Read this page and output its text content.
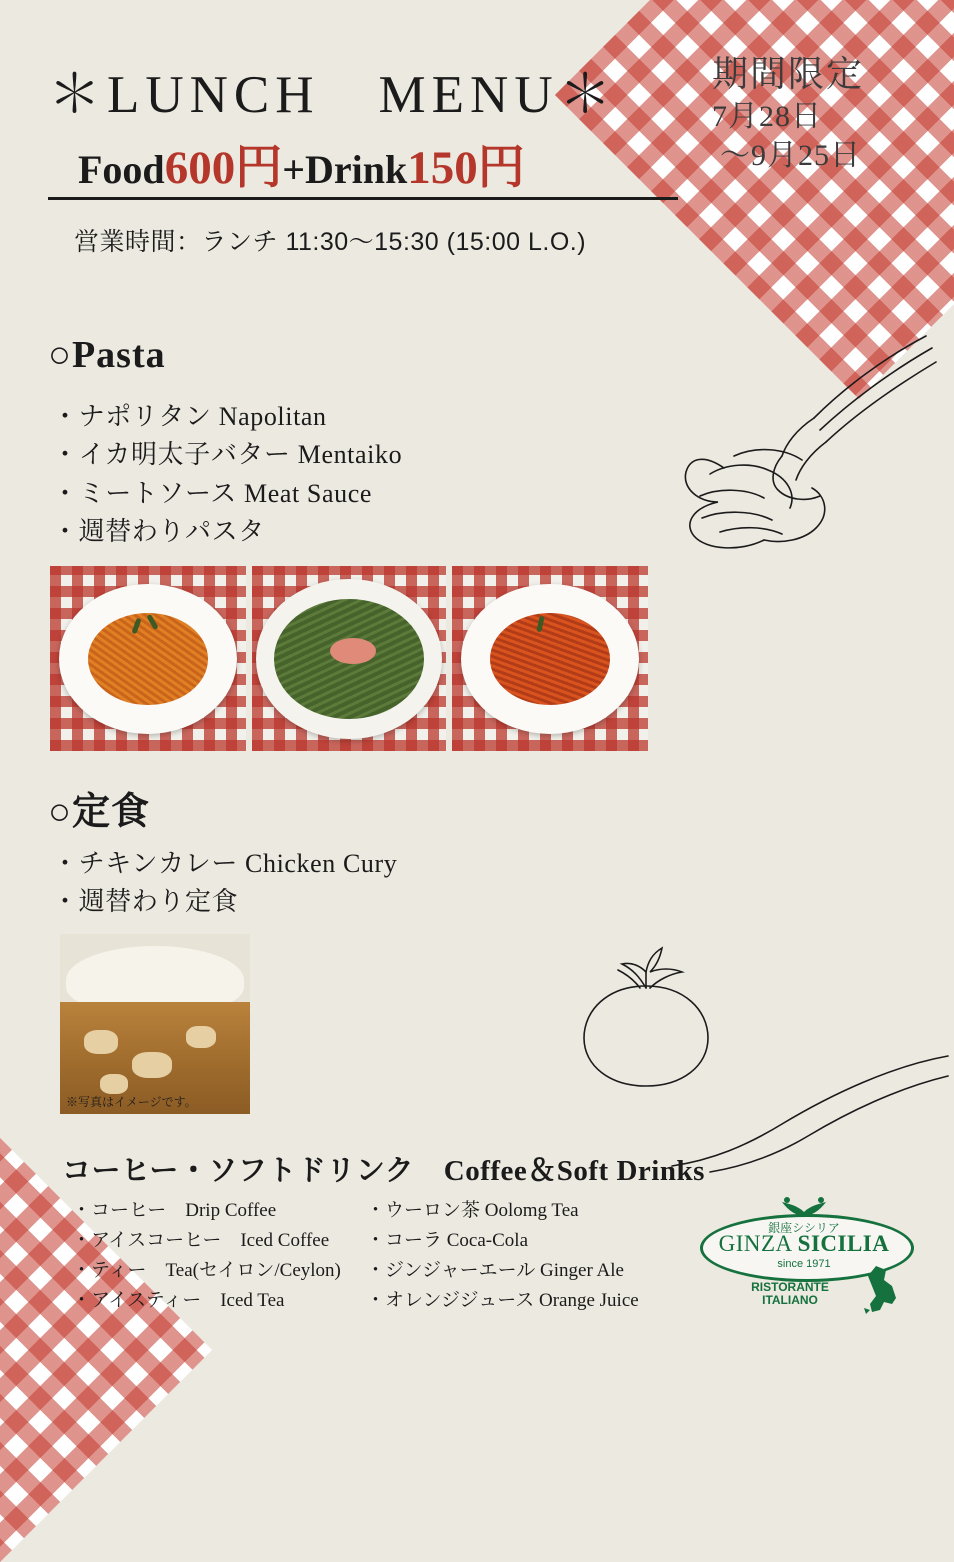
期間限定
7月28日
〜9月25日
＊LUNCH　MENU＊
Food600円+Drink150円
営業時間：ランチ 11:30〜15:30 (15:00 L.O.)
○Pasta
・ナポリタン Napolitan
・イカ明太子バター Mentaiko
・ミートソース Meat Sauce
・週替わりパスタ
○定食
・チキンカレー Chicken Cury
・週替わり定食
※写真はイメージです。
コーヒー・ソフトドリンク　Coffee＆Soft Drinks
・コーヒー　Drip Coffee
・アイスコーヒー　Iced Coffee
・ティー　Tea(セイロン/Ceylon)
・アイスティー　Iced Tea
・ウーロン茶 Oolomg Tea
・コーラ Coca-Cola
・ジンジャーエール Ginger Ale
・オレンジジュース Orange Juice
銀座シシリア
GINZA SICILIA
since 1971
RISTORANTE
ITALIANO
